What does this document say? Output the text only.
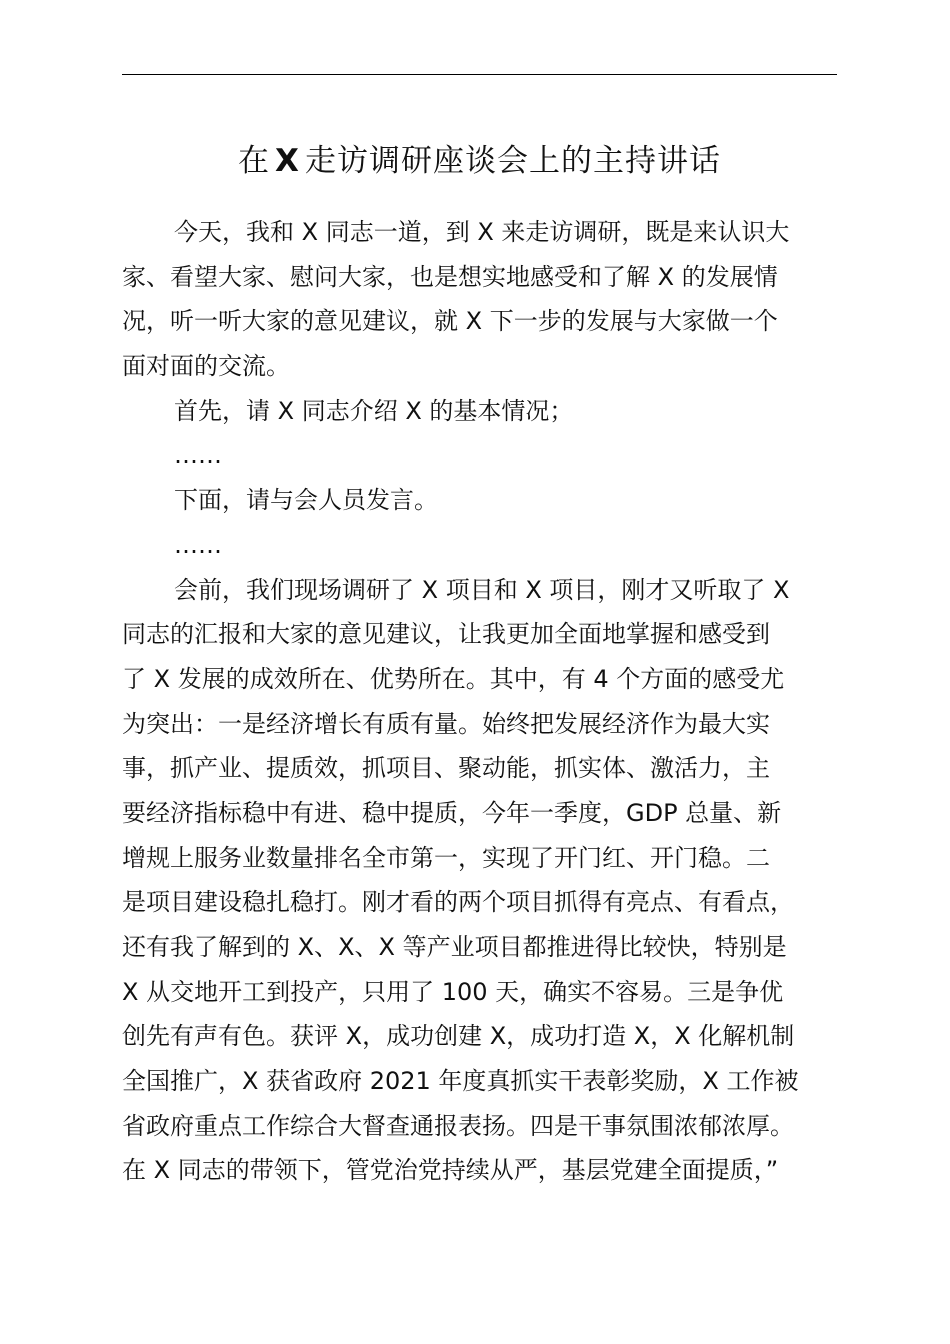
在 X 走访调研座谈会上的主持讲话
今天，我和 X 同志一道，到 X 来走访调研，既是来认识大
家、看望大家、慰问大家，也是想实地感受和了解 X 的发展情
况，听一听大家的意见建议，就 X 下一步的发展与大家做一个
面对面的交流。
首先，请 X 同志介绍 X 的基本情况；
……
下面，请与会人员发言。
……
会前，我们现场调研了 X 项目和 X 项目，刚才又听取了 X
同志的汇报和大家的意见建议，让我更加全面地掌握和感受到
了 X 发展的成效所在、优势所在。其中，有 4 个方面的感受尤
为突出：一是经济增长有质有量。始终把发展经济作为最大实
事，抓产业、提质效，抓项目、聚动能，抓实体、激活力，主
要经济指标稳中有进、稳中提质，今年一季度，GDP 总量、新
增规上服务业数量排名全市第一，实现了开门红、开门稳。二
是项目建设稳扎稳打。刚才看的两个项目抓得有亮点、有看点，
还有我了解到的 X、X、X 等产业项目都推进得比较快，特别是
X 从交地开工到投产，只用了 100 天，确实不容易。三是争优
创先有声有色。获评 X，成功创建 X，成功打造 X，X 化解机制
全国推广，X 获省政府 2021 年度真抓实干表彰奖励，X 工作被
省政府重点工作综合大督查通报表扬。四是干事氛围浓郁浓厚。
在 X 同志的带领下，管党治党持续从严，基层党建全面提质，”
